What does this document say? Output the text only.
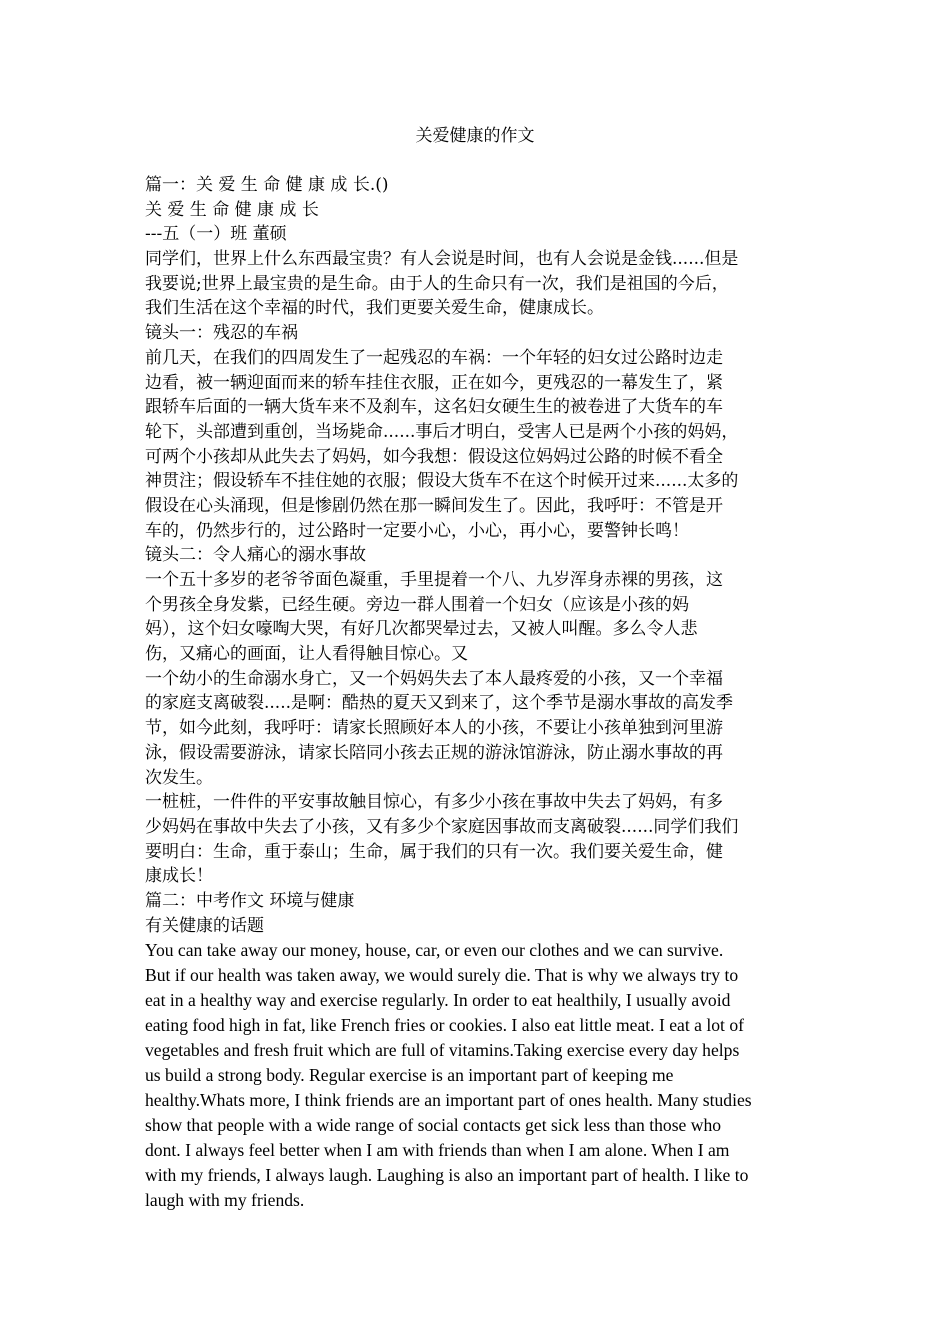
关爱健康的作文
篇一：关 爱 生 命 健 康 成 长.()
关 爱 生 命 健 康 成 长
---五（一）班 董硕
同学们，世界上什么东西最宝贵？有人会说是时间，也有人会说是金钱......但是
我要说;世界上最宝贵的是生命。由于人的生命只有一次，我们是祖国的今后，
我们生活在这个幸福的时代，我们更要关爱生命，健康成长。
镜头一：残忍的车祸
前几天，在我们的四周发生了一起残忍的车祸：一个年轻的妇女过公路时边走
边看，被一辆迎面而来的轿车挂住衣服，正在如今，更残忍的一幕发生了，紧
跟轿车后面的一辆大货车来不及刹车，这名妇女硬生生的被卷进了大货车的车
轮下，头部遭到重创，当场毙命......事后才明白，受害人已是两个小孩的妈妈，
可两个小孩却从此失去了妈妈，如今我想：假设这位妈妈过公路的时候不看全
神贯注；假设轿车不挂住她的衣服；假设大货车不在这个时候开过来......太多的
假设在心头涌现，但是惨剧仍然在那一瞬间发生了。因此，我呼吁：不管是开
车的，仍然步行的，过公路时一定要小心，小心，再小心，要警钟长鸣！
镜头二：令人痛心的溺水事故
一个五十多岁的老爷爷面色凝重，手里提着一个八、九岁浑身赤裸的男孩，这
个男孩全身发紫，已经生硬。旁边一群人围着一个妇女（应该是小孩的妈
妈），这个妇女嚎啕大哭，有好几次都哭晕过去，又被人叫醒。多么令人悲
伤，又痛心的画面，让人看得触目惊心。又
一个幼小的生命溺水身亡，又一个妈妈失去了本人最疼爱的小孩，又一个幸福
的家庭支离破裂.....是啊：酷热的夏天又到来了，这个季节是溺水事故的高发季
节，如今此刻，我呼吁：请家长照顾好本人的小孩，不要让小孩单独到河里游
泳，假设需要游泳，请家长陪同小孩去正规的游泳馆游泳，防止溺水事故的再
次发生。
一桩桩，一件件的平安事故触目惊心，有多少小孩在事故中失去了妈妈，有多
少妈妈在事故中失去了小孩，又有多少个家庭因事故而支离破裂......同学们我们
要明白：生命，重于泰山；生命，属于我们的只有一次。我们要关爱生命，健
康成长！
篇二：中考作文 环境与健康
有关健康的话题
You can take away our money, house, car, or even our clothes and we can survive.
But if our health was taken away, we would surely die. That is why we always try to
eat in a healthy way and exercise regularly. In order to eat healthily, I usually avoid
eating food high in fat, like French fries or cookies. I also eat little meat. I eat a lot of
vegetables and fresh fruit which are full of vitamins.Taking exercise every day helps
us build a strong body. Regular exercise is an important part of keeping me
healthy.Whats more, I think friends are an important part of ones health. Many studies
show that people with a wide range of social contacts get sick less than those who
dont. I always feel better when I am with friends than when I am alone. When I am
with my friends, I always laugh. Laughing is also an important part of health. I like to
laugh with my friends.
